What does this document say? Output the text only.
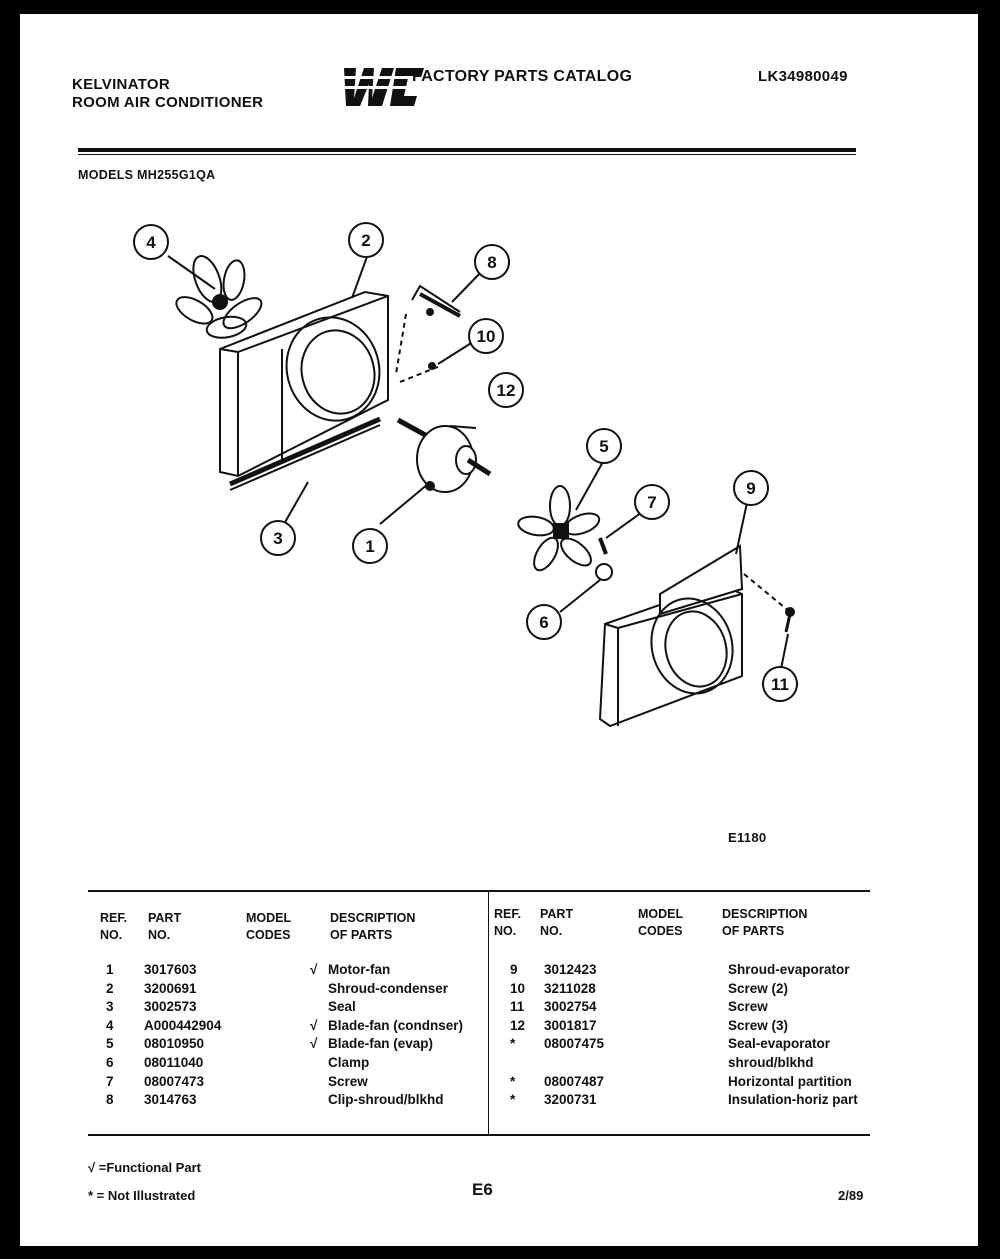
KELVINATOR
ROOM AIR CONDITIONER
FACTORY PARTS CATALOG	LK34980049
MODELS MH255G1QA
1
2
3
4
5
6
7
8
9
10
11
12
E1180
REF.
NO.
PART
NO.
MODEL
CODES
DESCRIPTION
OF PARTS
REF.
NO.
PART
NO.
MODEL
CODES
DESCRIPTION
OF PARTS
1 3017603	√ Motor-fan
2 3200691	Shroud-condenser
3 3002573	Seal
4 A000442904	√ Blade-fan (condnser)
5 08010950	√ Blade-fan (evap)
6 08011040	Clamp
7 08007473	Screw
8 3014763	Clip-shroud/blkhd
9 3012423	Shroud-evaporator
10 3211028	Screw (2)
11 3002754	Screw
12 3001817	Screw (3)
* 08007475	Seal-evaporator
shroud/blkhd
* 08007487	Horizontal partition
* 3200731	Insulation-horiz part
√ =Functional Part
* = Not Illustrated	E6	2/89
